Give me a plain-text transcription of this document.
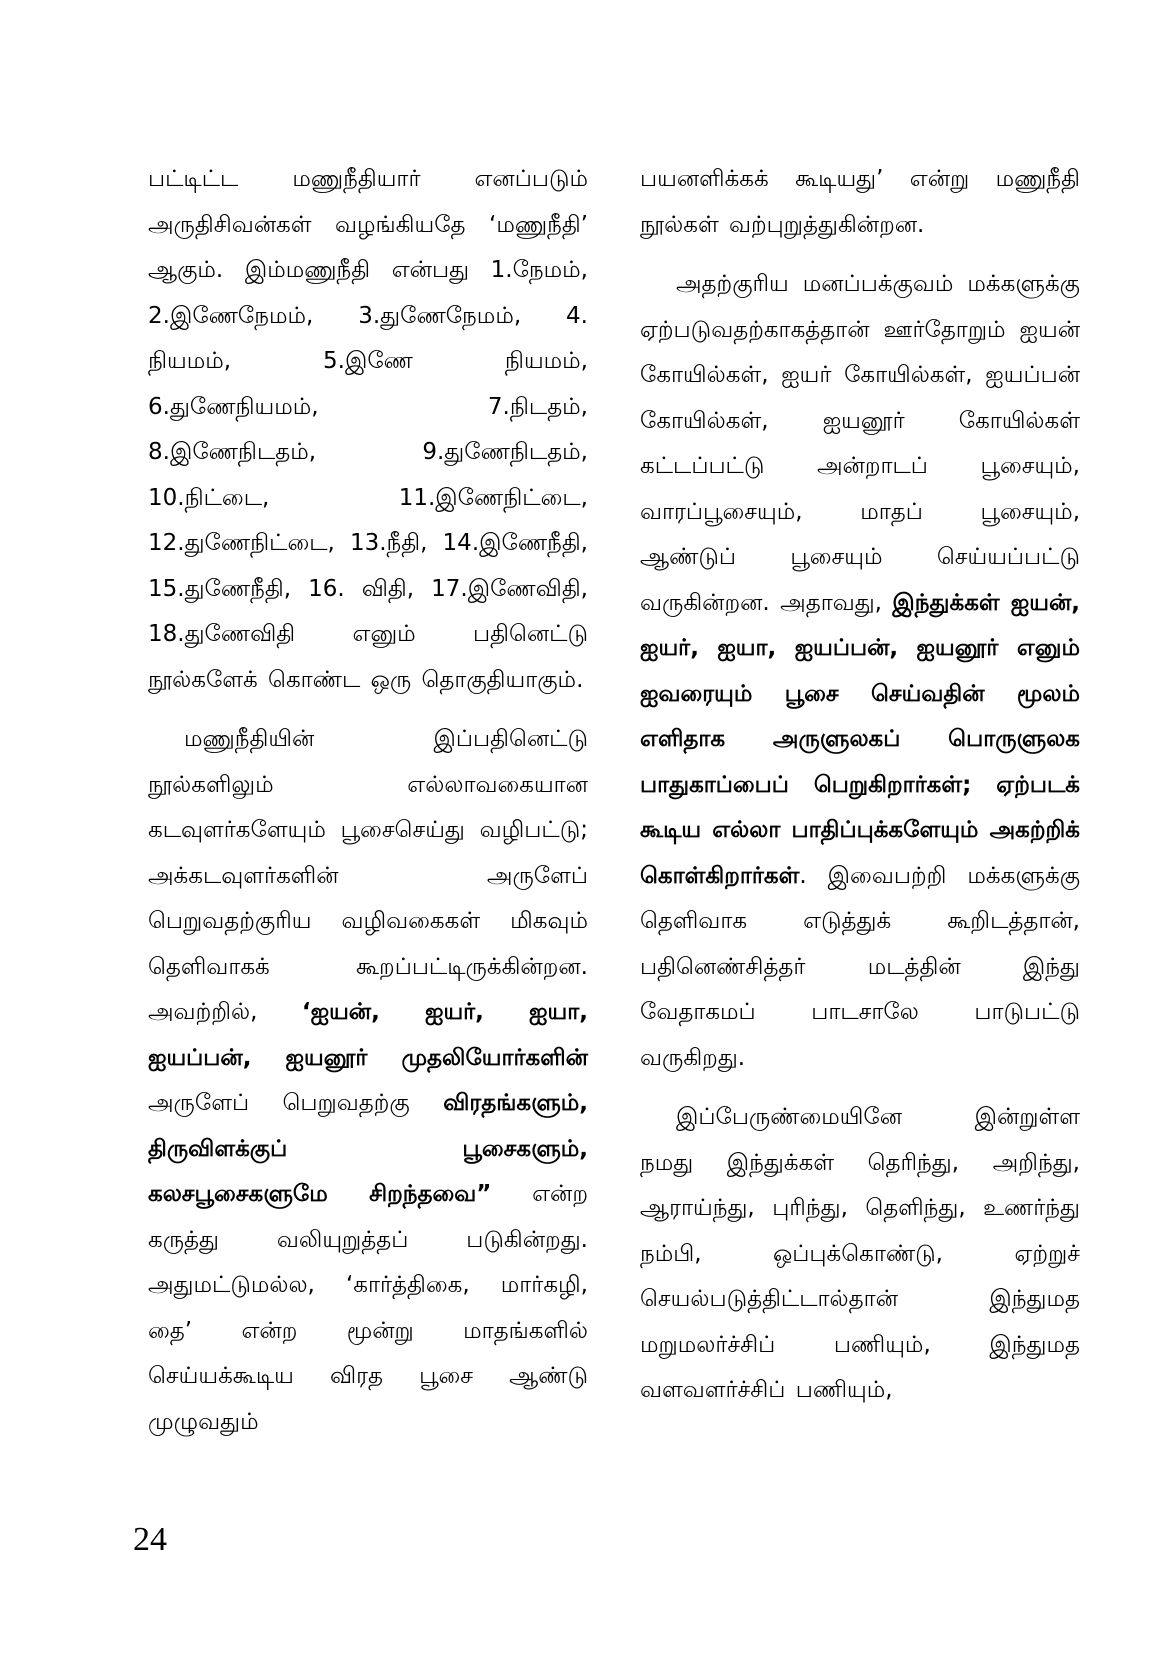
பட்டிட்ட மணுநீதியார் எனப்படும் அருதிசிவன்கள் வழங்கியதே ‘மணுநீதி’ ஆகும். இம்மணுநீதி என்பது 1.நேமம், 2.இணேநேமம், 3.துணேநேமம், 4. நியமம், 5.இணே நியமம், 6.துணேநியமம், 7.நிடதம், 8.இணேநிடதம், 9.துணேநிடதம், 10.நிட்டை, 11.இணேநிட்டை, 12.துணேநிட்டை, 13.நீதி, 14.இணேநீதி, 15.துணேநீதி, 16. விதி, 17.இணேவிதி, 18.துணேவிதி எனும் பதினெட்டு நூல்களேக் கொண்ட ஒரு தொகுதியாகும்.

மணுநீதியின் இப்பதினெட்டு நூல்களிலும் எல்லாவகையான கடவுளர்களேயும் பூசைசெய்து வழிபட்டு; அக்கடவுளர்களின் அருளேப் பெறுவதற்குரிய வழிவகைகள் மிகவும் தெளிவாகக் கூறப்பட்டிருக்கின்றன. அவற்றில், ‘ஐயன், ஐயர், ஐயா, ஐயப்பன், ஐயனூர் முதலியோர்களின் அருளேப் பெறுவதற்கு விரதங்களும், திருவிளக்குப் பூசைகளும், கலசபூசைகளுமே சிறந்தவை” என்ற கருத்து வலியுறுத்தப் படுகின்றது. அதுமட்டுமல்ல, ‘கார்த்திகை, மார்கழி, தை’ என்ற மூன்று மாதங்களில் செய்யக்கூடிய விரத பூசை ஆண்டு முழுவதும்

பயனளிக்கக் கூடியது’ என்று மணுநீதி நூல்கள் வற்புறுத்துகின்றன.

அதற்குரிய மனப்பக்குவம் மக்களுக்கு ஏற்படுவதற்காகத்தான் ஊர்தோறும் ஐயன் கோயில்கள், ஐயர் கோயில்கள், ஐயப்பன் கோயில்கள், ஐயனூர் கோயில்கள் கட்டப்பட்டு அன்றாடப் பூசையும், வாரப்பூசையும், மாதப் பூசையும், ஆண்டுப் பூசையும் செய்யப்பட்டு வருகின்றன. அதாவது, இந்துக்கள் ஐயன், ஐயர், ஐயா, ஐயப்பன், ஐயனூர் எனும் ஐவரையும் பூசை செய்வதின் மூலம் எளிதாக அருளுலகப் பொருளுலக பாதுகாப்பைப் பெறுகிறார்கள்; ஏற்படக் கூடிய எல்லா பாதிப்புக்களேயும் அகற்றிக் கொள்கிறார்கள். இவைபற்றி மக்களுக்கு தெளிவாக எடுத்துக் கூறிடத்தான், பதினெண்சித்தர் மடத்தின் இந்து வேதாகமப் பாடசாலே பாடுபட்டு வருகிறது.

இப்பேருண்மையினே இன்றுள்ள நமது இந்துக்கள் தெரிந்து, அறிந்து, ஆராய்ந்து, புரிந்து, தெளிந்து, உணர்ந்து நம்பி, ஒப்புக்கொண்டு, ஏற்றுச் செயல்படுத்திட்டால்தான் இந்துமத மறுமலர்ச்சிப் பணியும், இந்துமத வளவளர்ச்சிப் பணியும்,

24
